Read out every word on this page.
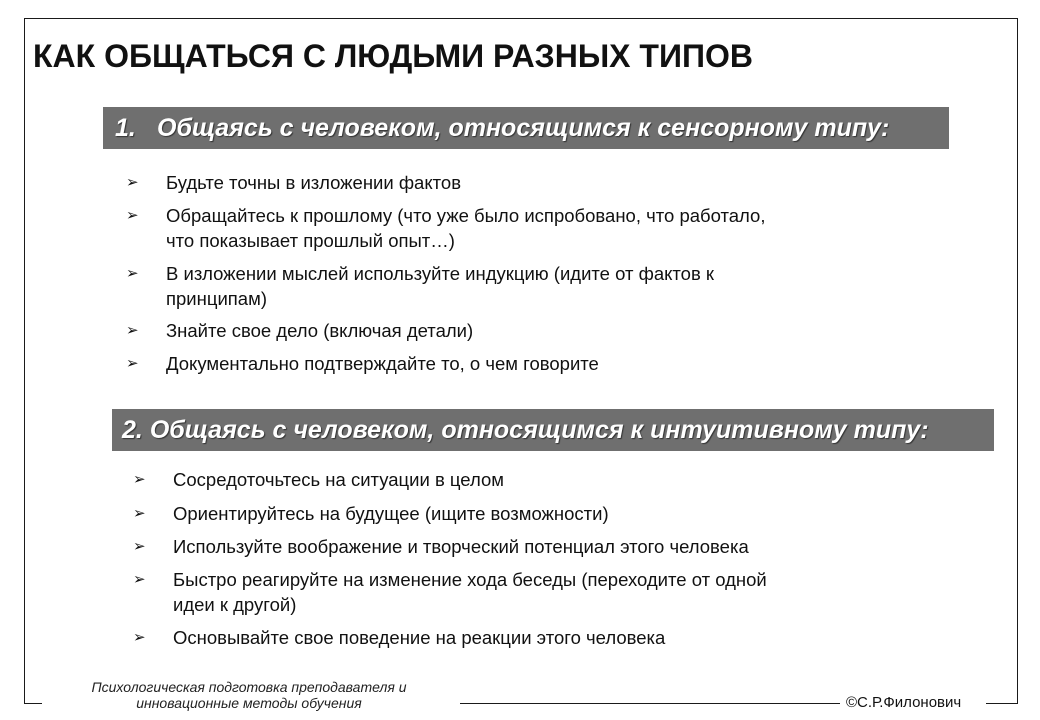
КАК ОБЩАТЬСЯ С ЛЮДЬМИ РАЗНЫХ ТИПОВ
1. Общаясь с человеком, относящимся к сенсорному типу:
➢ Будьте точны в изложении фактов
➢ Обращайтесь к прошлому (что уже было испробовано, что работало,
что показывает прошлый опыт…)
➢ В изложении мыслей используйте индукцию (идите от фактов к
принципам)
➢ Знайте свое дело (включая детали)
➢ Документально подтверждайте то, о чем говорите
2. Общаясь с человеком, относящимся к интуитивному типу:
➢ Сосредоточьтесь на ситуации в целом
➢ Ориентируйтесь на будущее (ищите возможности)
➢ Используйте воображение и творческий потенциал этого человека
➢ Быстро реагируйте на изменение хода беседы (переходите от одной
идеи к другой)
➢ Основывайте свое поведение на реакции этого человека
Психологическая подготовка преподавателя и
инновационные методы обучения	©С.Р.Филонович
